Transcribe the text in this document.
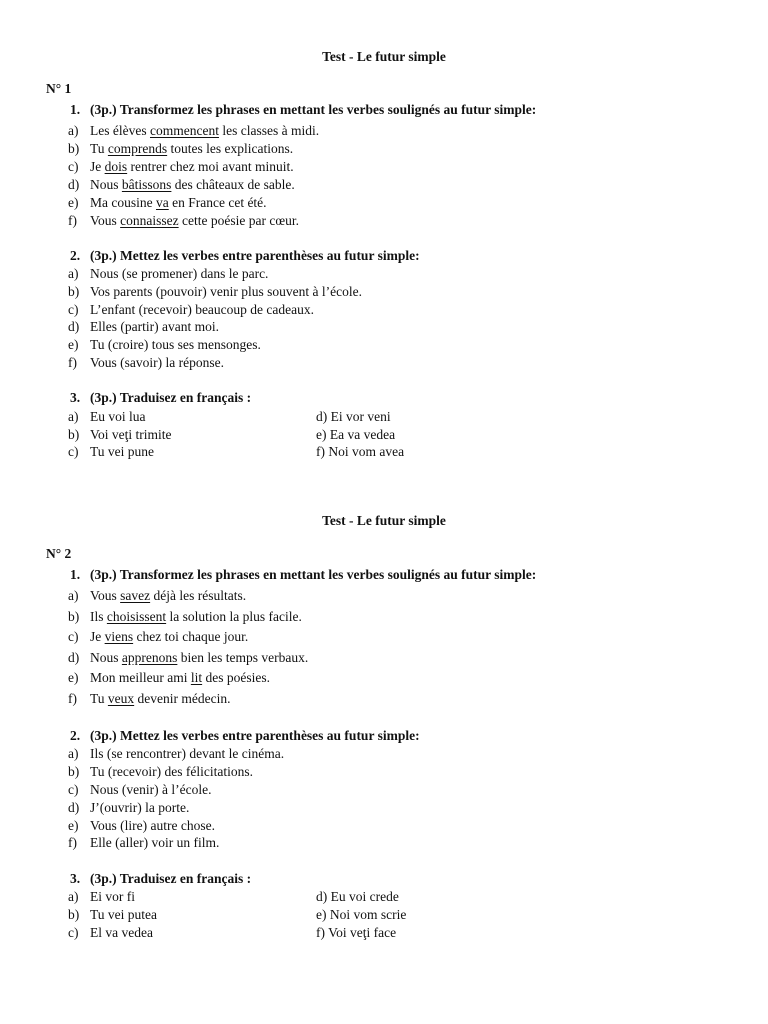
Test - Le futur simple
N° 1
1. (3p.) Transformez les phrases en mettant les verbes soulignés au futur simple:
a) Les élèves commencent les classes à midi.
b) Tu comprends toutes les explications.
c) Je dois rentrer chez moi avant minuit.
d) Nous bâtissons des châteaux de sable.
e) Ma cousine va en France cet été.
f) Vous connaissez cette poésie par cœur.
2. (3p.) Mettez les verbes entre parenthèses au futur simple:
a) Nous (se promener) dans le parc.
b) Vos parents (pouvoir) venir plus souvent à l’école.
c) L’enfant (recevoir) beaucoup de cadeaux.
d) Elles (partir) avant moi.
e) Tu (croire) tous ses mensonges.
f) Vous (savoir) la réponse.
3. (3p.) Traduisez en français :
a) Eu voi lua	d) Ei vor veni
b) Voi veţi trimite	e) Ea va vedea
c) Tu vei pune	f) Noi vom avea
Test - Le futur simple
N° 2
1. (3p.) Transformez les phrases en mettant les verbes soulignés au futur simple:
a) Vous savez déjà les résultats.
b) Ils choisissent la solution la plus facile.
c) Je viens chez toi chaque jour.
d) Nous apprenons bien les temps verbaux.
e) Mon meilleur ami lit des poésies.
f) Tu veux devenir médecin.
2. (3p.) Mettez les verbes entre parenthèses au futur simple:
a) Ils (se rencontrer) devant le cinéma.
b) Tu (recevoir) des félicitations.
c) Nous (venir) à l’école.
d) J’(ouvrir) la porte.
e) Vous (lire) autre chose.
f) Elle (aller) voir un film.
3. (3p.) Traduisez en français :
a) Ei vor fi	d) Eu voi crede
b) Tu vei putea	e) Noi vom scrie
c) El va vedea	f) Voi veţi face
